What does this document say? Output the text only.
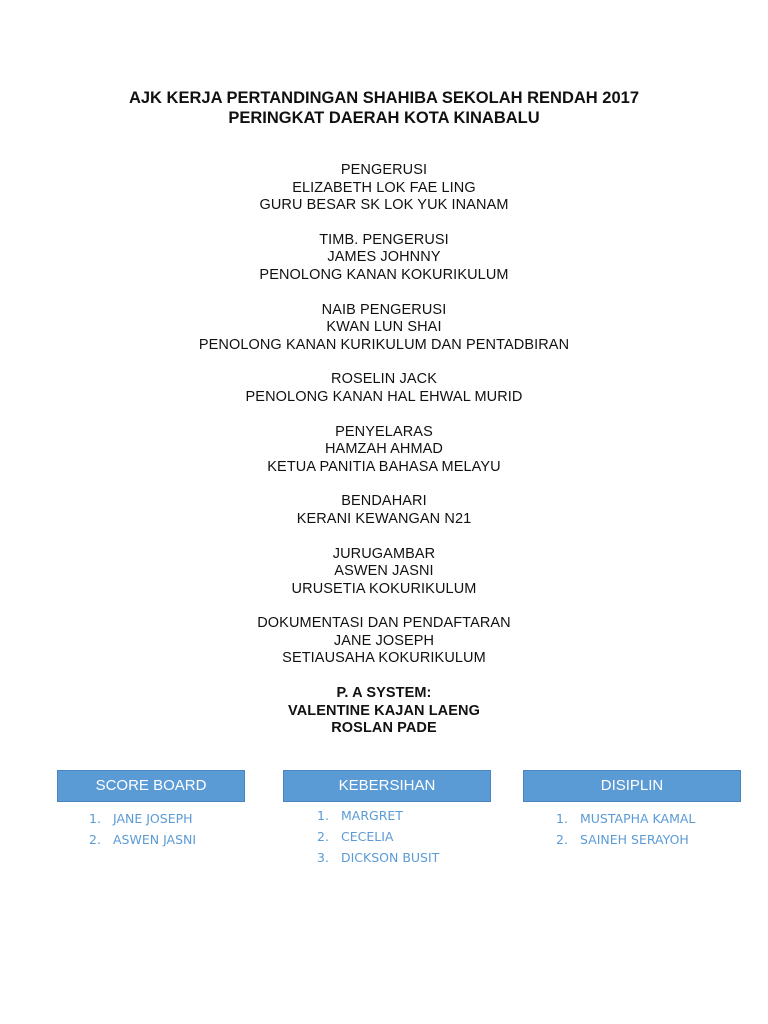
AJK KERJA PERTANDINGAN SHAHIBA SEKOLAH RENDAH 2017
PERINGKAT DAERAH KOTA KINABALU
PENGERUSI
ELIZABETH LOK FAE LING
GURU BESAR SK LOK YUK INANAM
TIMB. PENGERUSI
JAMES JOHNNY
PENOLONG KANAN KOKURIKULUM
NAIB PENGERUSI
KWAN LUN SHAI
PENOLONG KANAN KURIKULUM DAN PENTADBIRAN
ROSELIN JACK
PENOLONG KANAN HAL EHWAL MURID
PENYELARAS
HAMZAH AHMAD
KETUA PANITIA BAHASA MELAYU
BENDAHARI
KERANI KEWANGAN N21
JURUGAMBAR
ASWEN JASNI
URUSETIA KOKURIKULUM
DOKUMENTASI DAN PENDAFTARAN
JANE JOSEPH
SETIAUSAHA KOKURIKULUM
P. A SYSTEM:
VALENTINE KAJAN LAENG
ROSLAN PADE
SCORE BOARD
1. JANE JOSEPH
2. ASWEN JASNI
KEBERSIHAN
1. MARGRET
2. CECELIA
3. DICKSON BUSIT
DISIPLIN
1. MUSTAPHA KAMAL
2. SAINEH SERAYOH
